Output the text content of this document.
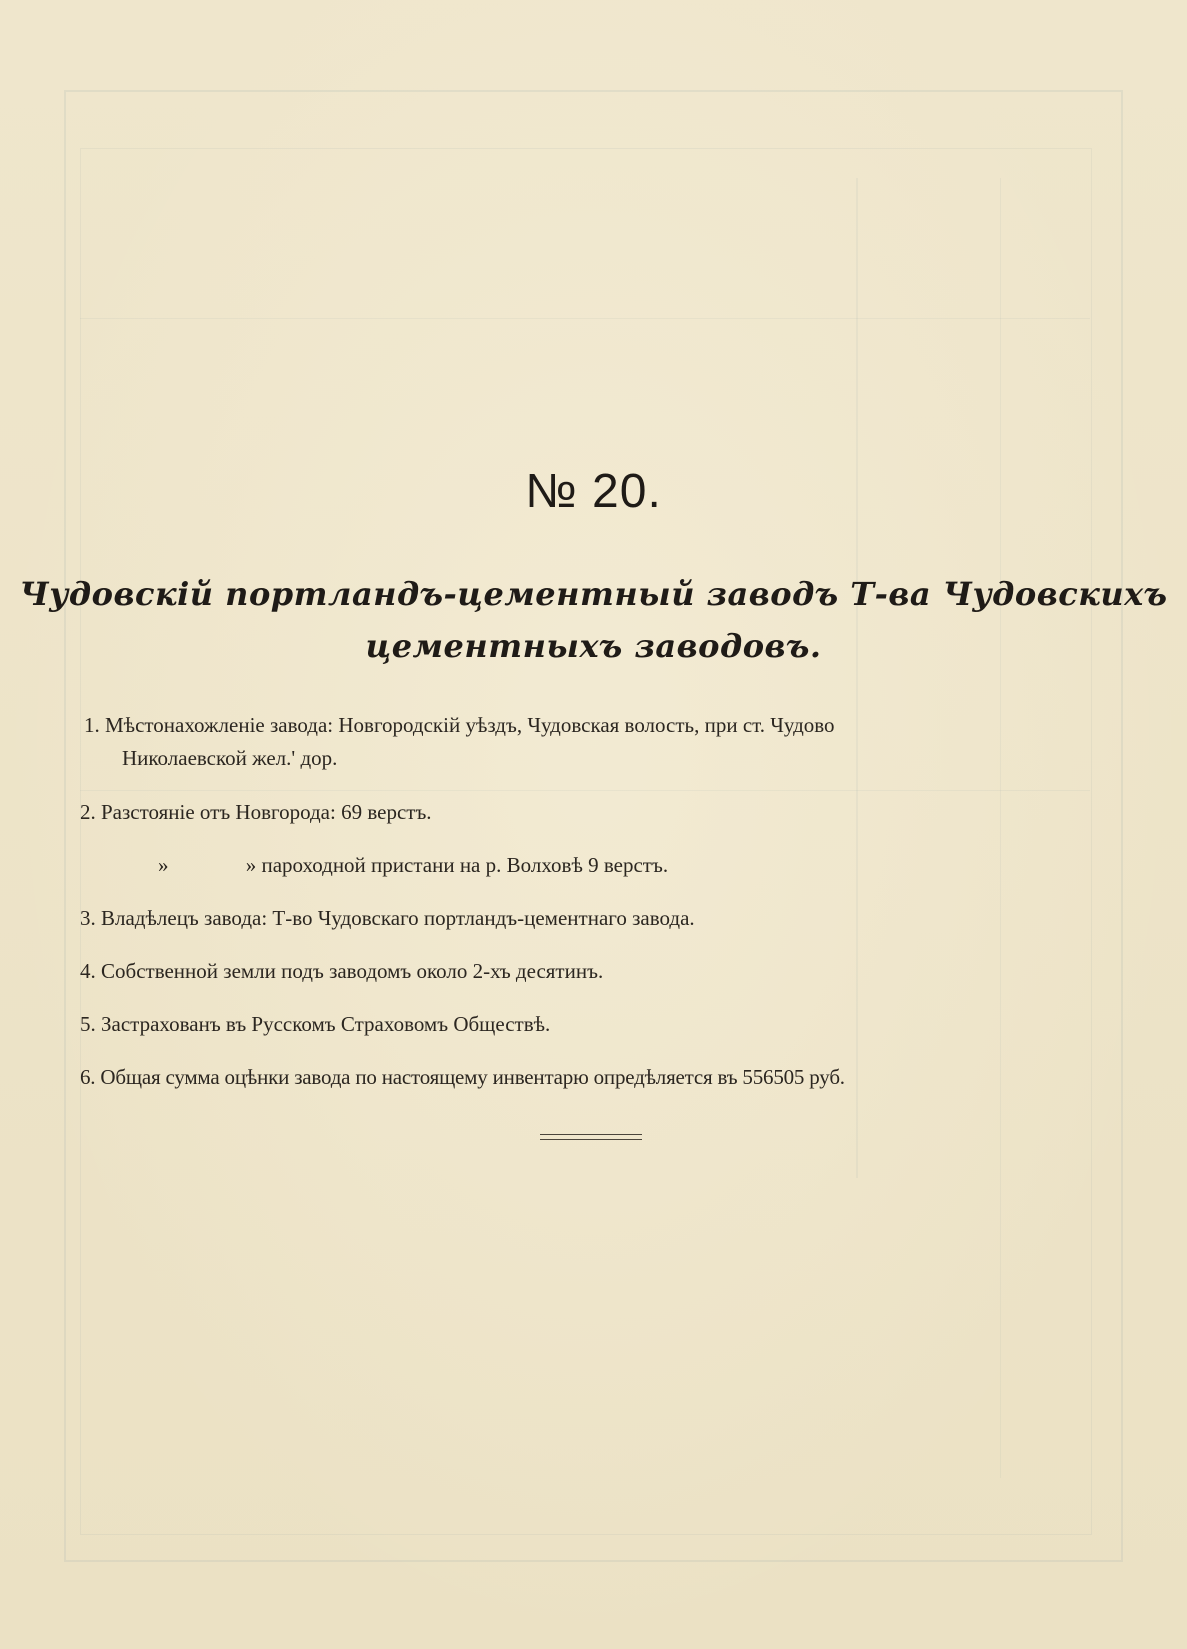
№ 20.
Чудовскій портландъ-цементный заводъ Т-ва Чудовскихъ
цементныхъ заводовъ.
1. Мѣстонахожленіе завода: Новгородскій уѣздъ, Чудовская волость, при ст. Чудово
Николаевской жел.' дор.
2. Разстояніе отъ Новгорода: 69 верстъ.
»	» пароходной пристани на р. Волховѣ 9 верстъ.
3. Владѣлецъ завода: Т-во Чудовскаго портландъ-цементнаго завода.
4. Собственной земли подъ заводомъ около 2-хъ десятинъ.
5. Застрахованъ въ Русскомъ Страховомъ Обществѣ.
6. Общая сумма оцѣнки завода по настоящему инвентарю опредѣляется въ 556505 руб.
